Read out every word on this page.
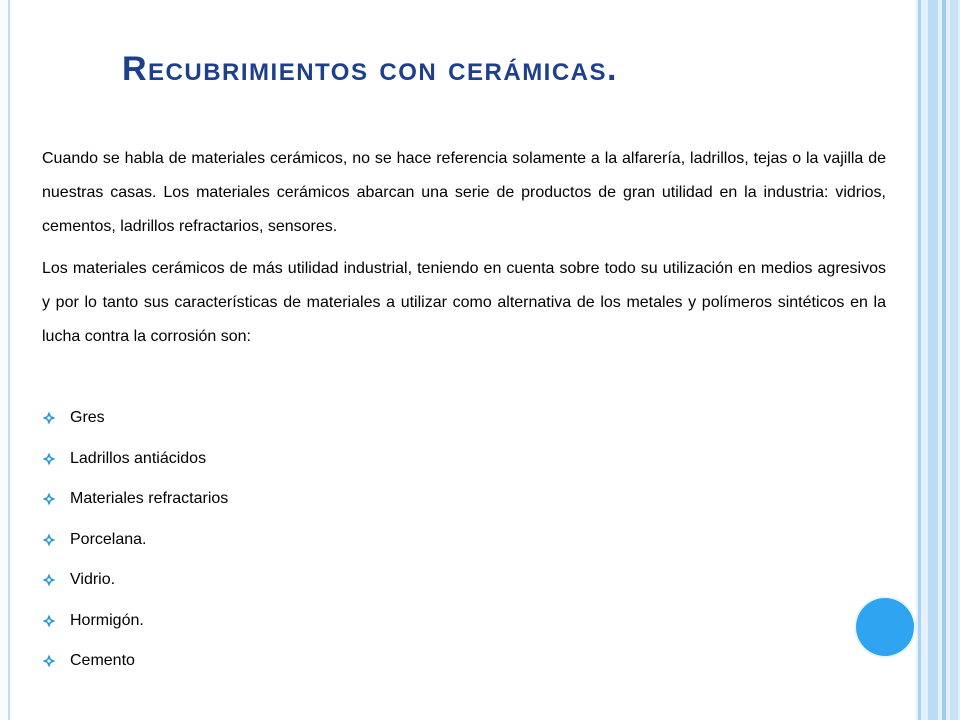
Recubrimientos con cerámicas.

Cuando se habla de materiales cerámicos, no se hace referencia solamente a la alfarería, ladrillos, tejas o la vajilla de nuestras casas. Los materiales cerámicos abarcan una serie de productos de gran utilidad en la industria: vidrios, cementos, ladrillos refractarios, sensores.

Los materiales cerámicos de más utilidad industrial, teniendo en cuenta sobre todo su utilización en medios agresivos y por lo tanto sus características de materiales a utilizar como alternativa de los metales y polímeros sintéticos en la lucha contra la corrosión son:

Gres
Ladrillos antiácidos
Materiales refractarios
Porcelana.
Vidrio.
Hormigón.
Cemento
